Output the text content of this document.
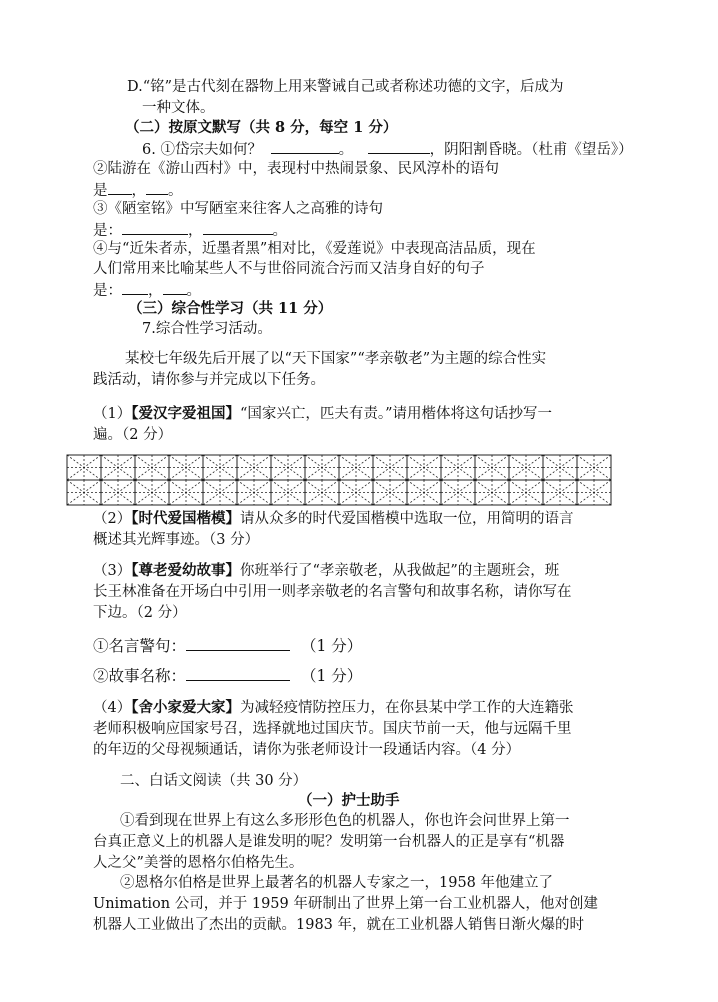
D.“铭”是古代刻在器物上用来警诫自己或者称述功德的文字，后成为
一种文体。
（二）按原文默写（共 8 分，每空 1 分）
6. ①岱宗夫如何？	。	，阴阳割昏晓。（杜甫《望岳》）
②陆游在《游山西村》中，表现村中热闹景象、民风淳朴的语句
是 ， 。
③《陋室铭》中写陋室来往客人之高雅的诗句
是：	，	。
④与“近朱者赤，近墨者黑”相对比，《爱莲说》中表现高洁品质，现在
人们常用来比喻某些人不与世俗同流合污而又洁身自好的句子
是： ， 。
（三）综合性学习（共 11 分）
7.综合性学习活动。
某校七年级先后开展了以“天下国家”“孝亲敬老”为主题的综合性实
践活动，请你参与并完成以下任务。
（1）【爱汉字爱祖国】“国家兴亡，匹夫有责。”请用楷体将这句话抄写一
遍。（2 分）
（2）【时代爱国楷模】请从众多的时代爱国楷模中选取一位，用简明的语言
概述其光辉事迹。（3 分）
（3）【尊老爱幼故事】你班举行了“孝亲敬老，从我做起”的主题班会，班
长王林准备在开场白中引用一则孝亲敬老的名言警句和故事名称，请你写在
下边。（2 分）
①名言警句：	（1 分）
②故事名称：	（1 分）
（4）【舍小家爱大家】为减轻疫情防控压力，在你县某中学工作的大连籍张
老师积极响应国家号召，选择就地过国庆节。国庆节前一天，他与远隔千里
的年迈的父母视频通话，请你为张老师设计一段通话内容。（4 分）
二、白话文阅读（共 30 分）
（一）护士助手
①看到现在世界上有这么多形形色色的机器人，你也许会问世界上第一
台真正意义上的机器人是谁发明的呢？发明第一台机器人的正是享有“机器
人之父”美誉的恩格尔伯格先生。
②恩格尔伯格是世界上最著名的机器人专家之一，1958 年他建立了
Unimation 公司，并于 1959 年研制出了世界上第一台工业机器人，他对创建
机器人工业做出了杰出的贡献。1983 年，就在工业机器人销售日渐火爆的时
